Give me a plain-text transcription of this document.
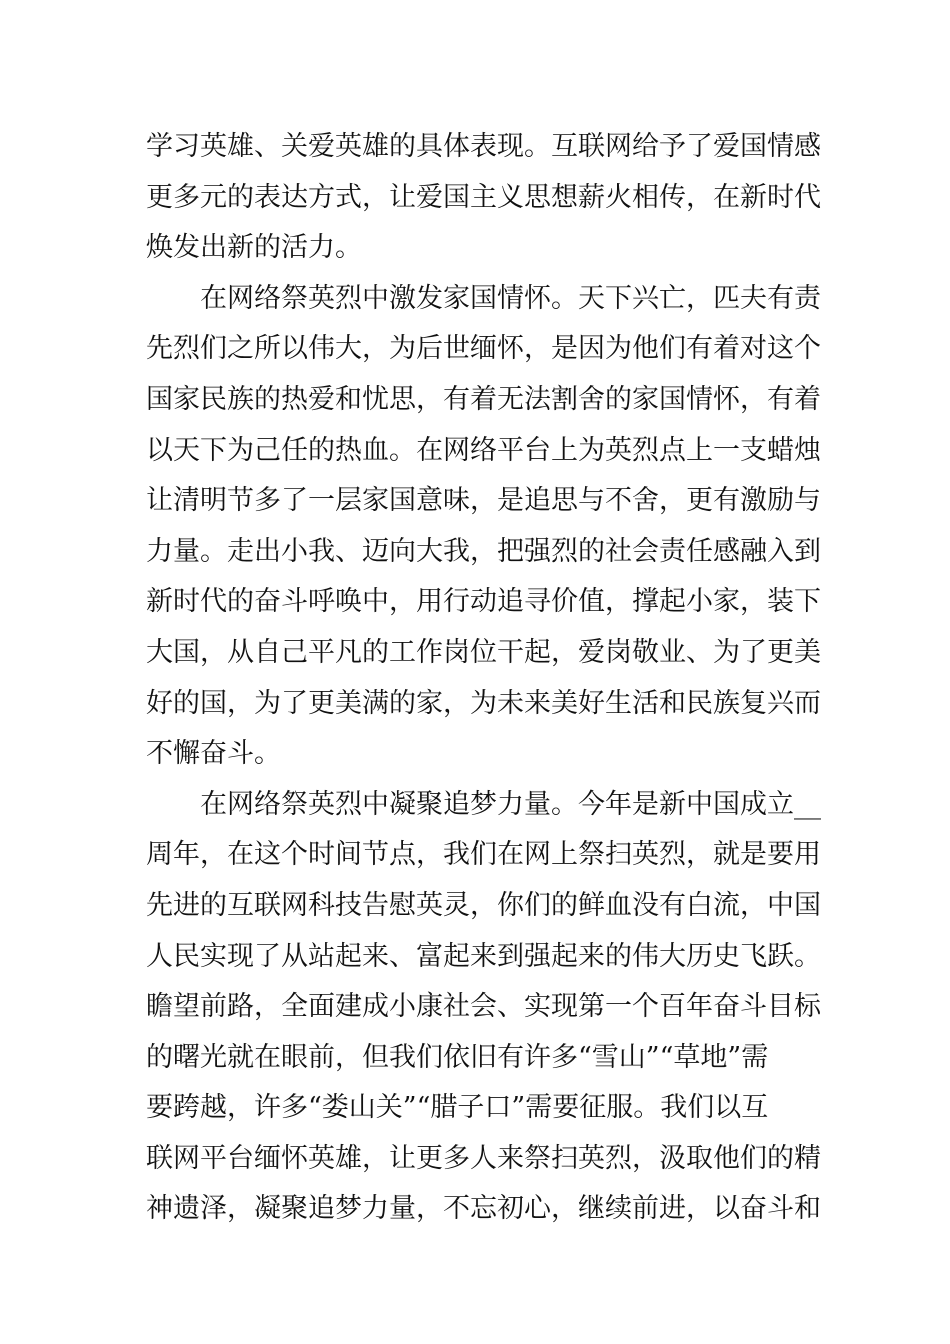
学习英雄、关爱英雄的具体表现。互联网给予了爱国情感
更多元的表达方式，让爱国主义思想薪火相传，在新时代
焕发出新的活力。
在网络祭英烈中激发家国情怀。天下兴亡，匹夫有责
先烈们之所以伟大，为后世缅怀，是因为他们有着对这个
国家民族的热爱和忧思，有着无法割舍的家国情怀，有着
以天下为己任的热血。在网络平台上为英烈点上一支蜡烛
让清明节多了一层家国意味，是追思与不舍，更有激励与
力量。走出小我、迈向大我，把强烈的社会责任感融入到
新时代的奋斗呼唤中，用行动追寻价值，撑起小家，装下
大国，从自己平凡的工作岗位干起，爱岗敬业、为了更美
好的国，为了更美满的家，为未来美好生活和民族复兴而
不懈奋斗。
在网络祭英烈中凝聚追梦力量。今年是新中国成立__
周年，在这个时间节点，我们在网上祭扫英烈，就是要用
先进的互联网科技告慰英灵，你们的鲜血没有白流，中国
人民实现了从站起来、富起来到强起来的伟大历史飞跃。
瞻望前路，全面建成小康社会、实现第一个百年奋斗目标
的曙光就在眼前，但我们依旧有许多“雪山”“草地”需
要跨越，许多“娄山关”“腊子口”需要征服。我们以互
联网平台缅怀英雄，让更多人来祭扫英烈，汲取他们的精
神遗泽，凝聚追梦力量，不忘初心，继续前进，以奋斗和
